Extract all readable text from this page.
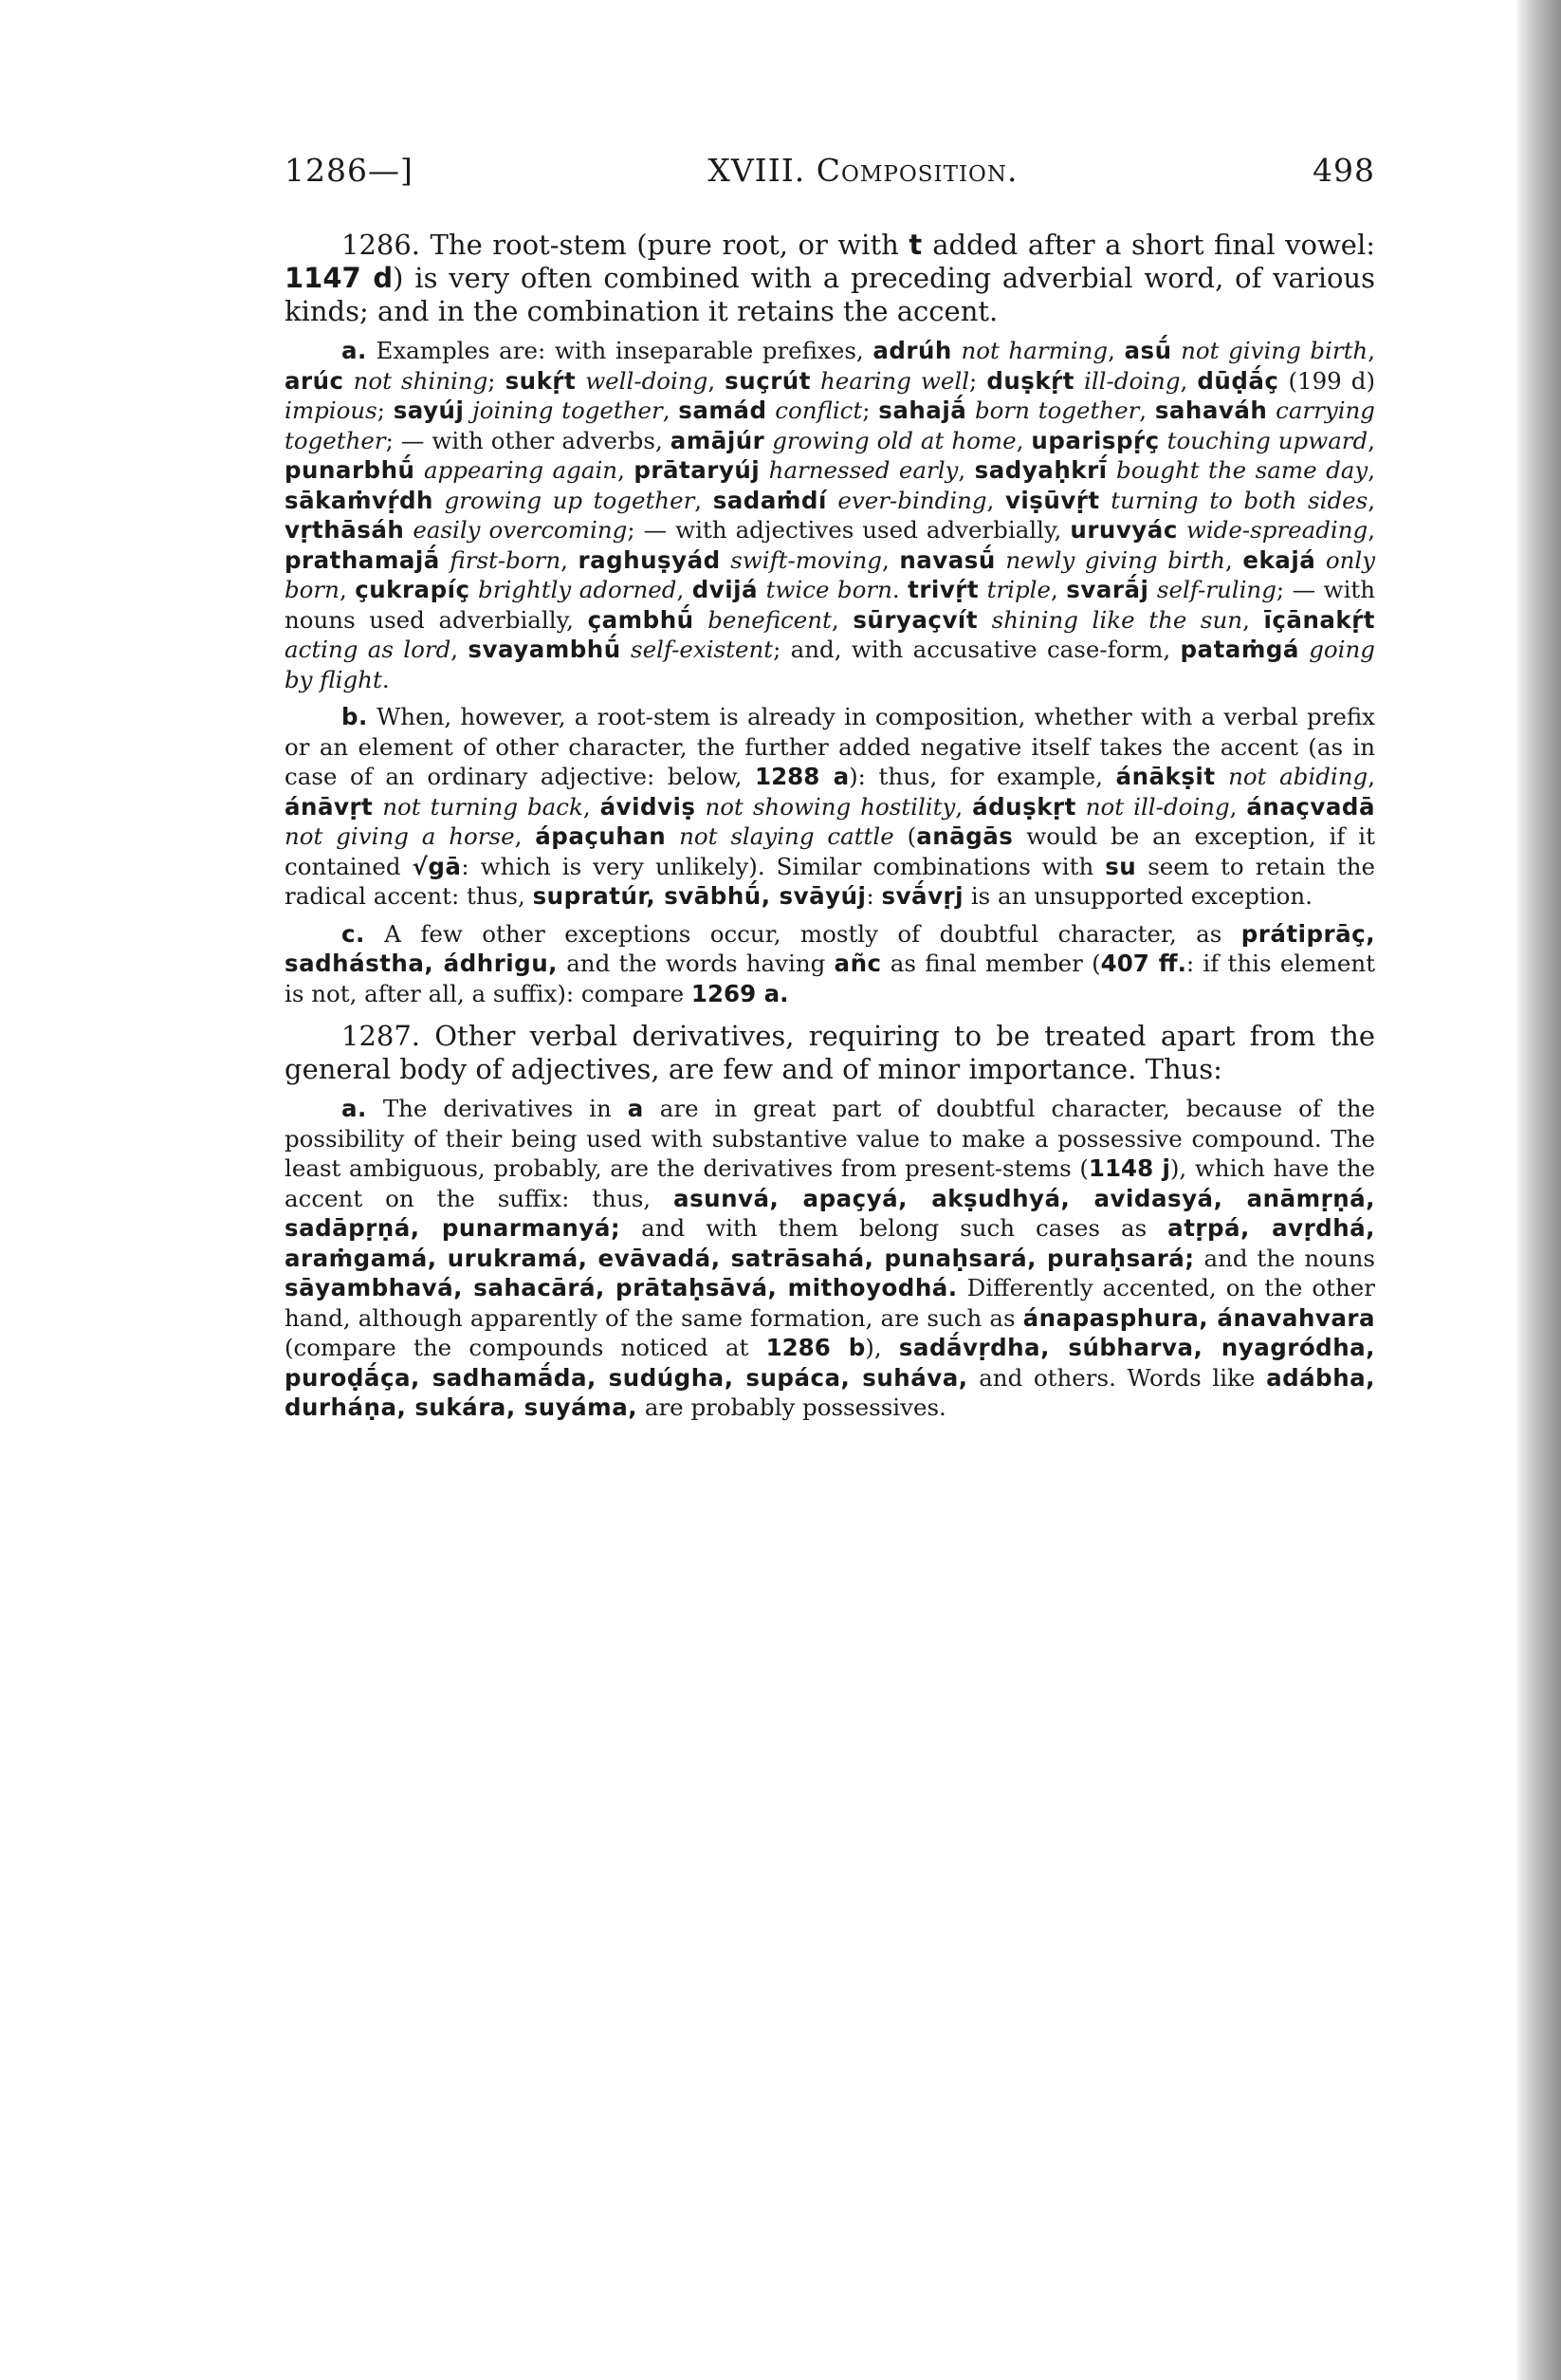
1286—]	XVIII. Composition.	498

1286. The root-stem (pure root, or with t added after a short final vowel: 1147 d) is very often combined with a preceding adverbial word, of various kinds; and in the combination it retains the accent.

a. Examples are: with inseparable prefixes, adrúh not harming, asū́ not giving birth, arúc not shining; sukṛ́t well-doing, suçrút hearing well; duṣkṛ́t ill-doing, dūḍā́ç (199 d) impious; sayúj joining together, samád conflict; sahajā́ born together, sahaváh carrying together; — with other adverbs, amājúr growing old at home, uparispṛ́ç touching upward, punarbhū́ appearing again, prātaryúj harnessed early, sadyaḥkrī́ bought the same day, sākaṁvṛ́dh growing up together, sadaṁdí ever-binding, viṣūvṛ́t turning to both sides, vṛthāsáh easily overcoming; — with adjectives used adverbially, uruvyác wide-spreading, prathamajā́ first-born, raghuṣyád swift-moving, navasū́ newly giving birth, ekajá only born, çukrapíç brightly adorned, dvijá twice born. trivṛ́t triple, svarā́j self-ruling; — with nouns used adverbially, çambhū́ beneficent, sūryaçvít shining like the sun, īçānakṛ́t acting as lord, svayambhū́ self-existent; and, with accusative case-form, pataṁgá going by flight.

b. When, however, a root-stem is already in composition, whether with a verbal prefix or an element of other character, the further added negative itself takes the accent (as in case of an ordinary adjective: below, 1288 a): thus, for example, ánākṣit not abiding, ánāvṛt not turning back, ávidviṣ not showing hostility, áduṣkṛt not ill-doing, ánaçvadā not giving a horse, ápaçuhan not slaying cattle (anāgās would be an exception, if it contained √gā: which is very unlikely). Similar combinations with su seem to retain the radical accent: thus, supratúr, svābhū́, svāyúj: svā́vṛj is an unsupported exception.

c. A few other exceptions occur, mostly of doubtful character, as prátiprāç, sadhástha, ádhrigu, and the words having añc as final member (407 ff.: if this element is not, after all, a suffix): compare 1269 a.

1287. Other verbal derivatives, requiring to be treated apart from the general body of adjectives, are few and of minor importance. Thus:

a. The derivatives in a are in great part of doubtful character, because of the possibility of their being used with substantive value to make a possessive compound. The least ambiguous, probably, are the derivatives from present-stems (1148 j), which have the accent on the suffix: thus, asunvá, apaçyá, akṣudhyá, avidasyá, anāmṛṇá, sadāpṛṇá, punarmanyá; and with them belong such cases as atṛpá, avṛdhá, araṁgamá, urukramá, evāvadá, satrāsahá, punaḥsará, puraḥsará; and the nouns sāyambhavá, sahacārá, prātaḥsāvá, mithoyodhá. Differently accented, on the other hand, although apparently of the same formation, are such as ánapasphura, ánavahvara (compare the compounds noticed at 1286 b), sadā́vṛdha, súbharva, nyagródha, puroḍā́ça, sadhamā́da, sudúgha, supáca, suháva, and others. Words like adábha, durháṇa, sukára, suyáma, are probably possessives.
